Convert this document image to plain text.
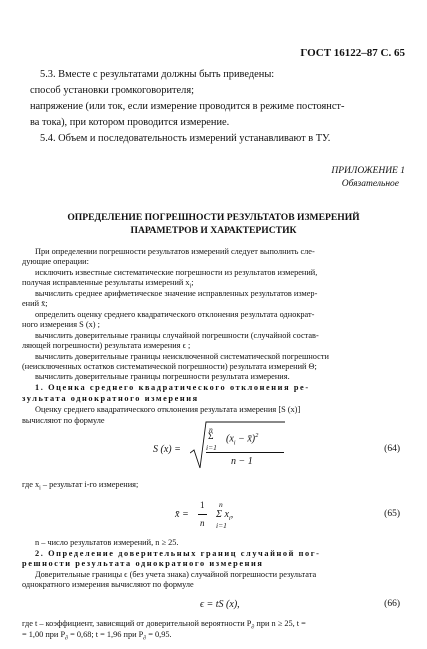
ГОСТ 16122–87 С. 65
5.3. Вместе с результатами должны быть приведены:
способ установки громкоговорителя;
напряжение (или ток, если измерение проводится в режиме постоянст-
ва тока), при котором проводится измерение.
5.4. Объем и последовательность измерений устанавливают в ТУ.
ПРИЛОЖЕНИЕ 1
Обязательное
ОПРЕДЕЛЕНИЕ ПОГРЕШНОСТИ РЕЗУЛЬТАТОВ ИЗМЕРЕНИЙ
ПАРАМЕТРОВ И ХАРАКТЕРИСТИК
При определении погрешности результатов измерений следует выполнить сле-
дующие операции:
исключить известные систематические погрешности из результатов измерений,
получая исправленные результаты измерений $x_i$;
вычислить среднее арифметическое значение исправленных результатов измер-
ений x̄;
определить оценку среднего квадратического отклонения результата однократ-
ного измерения S (x) ;
вычислить доверительные границы случайной погрешности (случайной состав-
ляющей погрешности) результата измерения ϵ ;
вычислить доверительные границы неисключенной систематической погрешности
(неисключенных остатков систематической погрешности) результата измерений Θ;
вычислить доверительные границы погрешности результата измерения.
1. Оценка среднего квадратического отклонения ре-
зультата однократного измерения
Оценку среднего квадратического отклонения результата измерения [S (x)]
вычисляют по формуле
S (x) =
n
Σ
i=1
($x_i$ − x̄)$^2$
n − 1
(64)
где $x_i$ – результат i-го измерения;
x̄ =
1
n
n
Σ $x_i$,
i=1
(65)
n – число результатов измерений, n ≥ 25.
2. Определение доверительных границ случайной пог-
решности результата однократного измерения
Доверительные границы ϵ (без учета знака) случайной погрешности результата
однократного измерения вычисляют по формуле
ϵ = tS (x),	(66)
где t – коэффициент, зависящий от доверительной вероятности $P_\partial$ при n ≥ 25, t =
= 1,00 при $P_\partial = 0,68$; t = 1,96 при $P_\partial = 0,95$.
